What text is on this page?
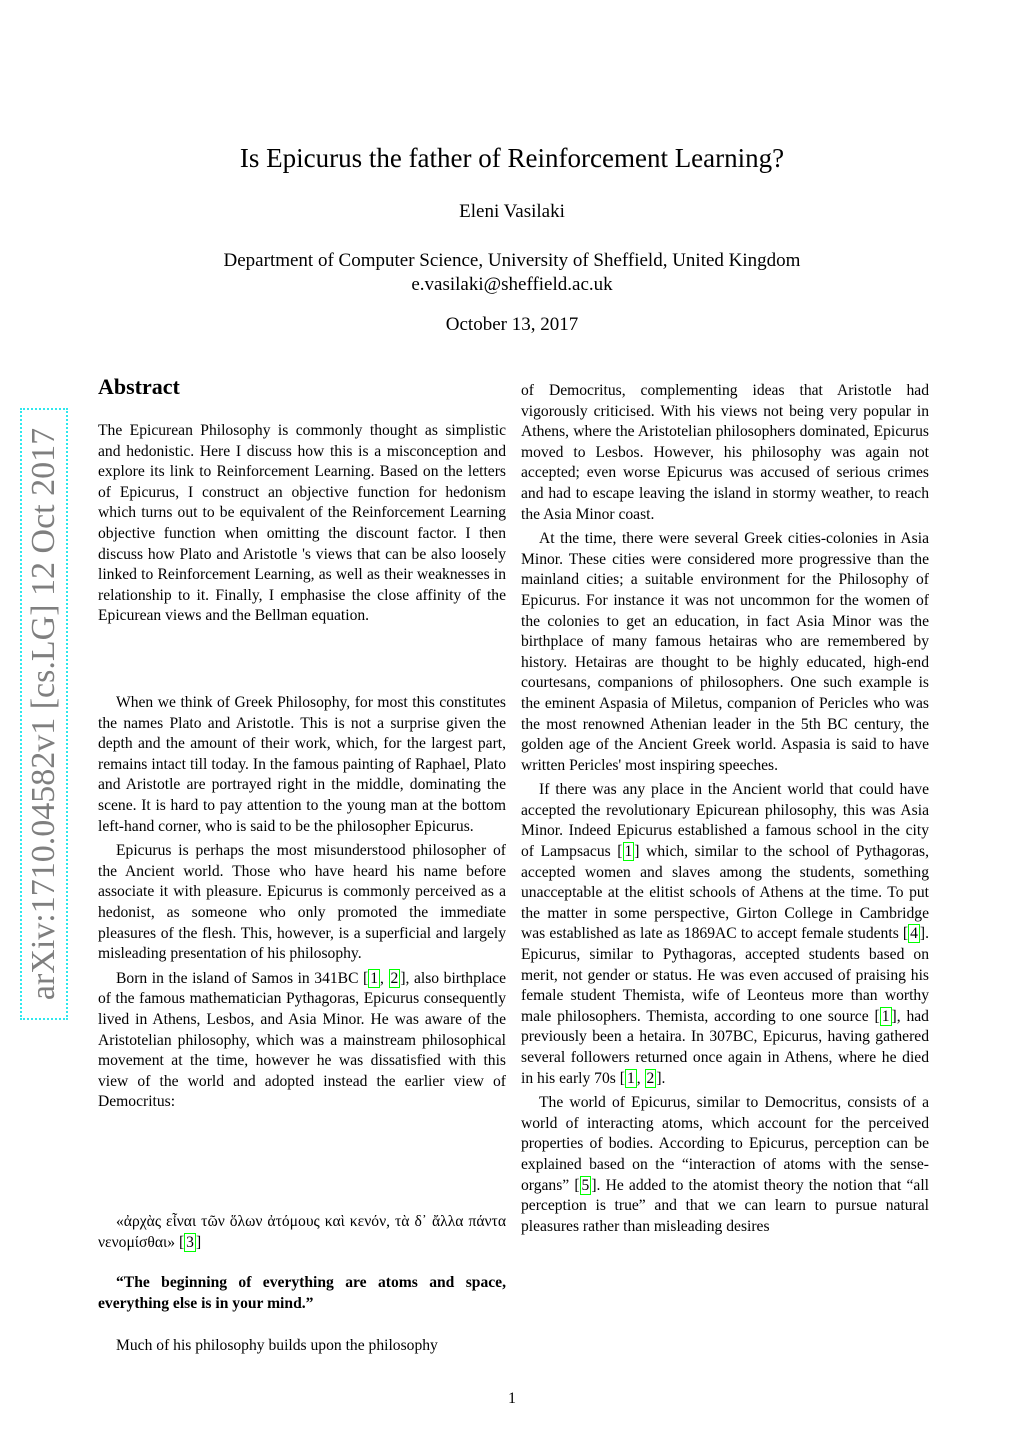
arXiv:1710.04582v1 [cs.LG] 12 Oct 2017
Is Epicurus the father of Reinforcement Learning?
Eleni Vasilaki
Department of Computer Science, University of Sheffield, United Kingdom
e.vasilaki@sheffield.ac.uk
October 13, 2017
Abstract

The Epicurean Philosophy is commonly thought as simplistic and hedonistic. Here I discuss how this is a misconception and explore its link to Reinforcement Learning. Based on the letters of Epicurus, I construct an objective function for hedonism which turns out to be equivalent of the Reinforcement Learning objective function when omitting the discount factor. I then discuss how Plato and Aristotle 's views that can be also loosely linked to Reinforcement Learning, as well as their weaknesses in relationship to it. Finally, I emphasise the close affinity of the Epicurean views and the Bellman equation.

When we think of Greek Philosophy, for most this constitutes the names Plato and Aristotle. This is not a surprise given the depth and the amount of their work, which, for the largest part, remains intact till today. In the famous painting of Raphael, Plato and Aristotle are portrayed right in the middle, dominating the scene. It is hard to pay attention to the young man at the bottom left-hand corner, who is said to be the philosopher Epicurus.

Epicurus is perhaps the most misunderstood philosopher of the Ancient world. Those who have heard his name before associate it with pleasure. Epicurus is commonly perceived as a hedonist, as someone who only promoted the immediate pleasures of the flesh. This, however, is a superficial and largely misleading presentation of his philosophy.

Born in the island of Samos in 341BC [ 1 , 2 ], also birthplace of the famous mathematician Pythagoras, Epicurus consequently lived in Athens, Lesbos, and Asia Minor. He was aware of the Aristotelian philosophy, which was a mainstream philosophical movement at the time, however he was dissatisfied with this view of the world and adopted instead the earlier view of Democritus:

«ἀρχὰς εἶναι τῶν ὅλων ἀτόμους καὶ κενόν, τὰ δ᾽ ἄλλα πάντα νενομίσθαι» [ 3 ]
“The beginning of everything are atoms and space, everything else is in your mind.”

Much of his philosophy builds upon the philosophy

of Democritus, complementing ideas that Aristotle had vigorously criticised. With his views not being very popular in Athens, where the Aristotelian philosophers dominated, Epicurus moved to Lesbos. However, his philosophy was again not accepted; even worse Epicurus was accused of serious crimes and had to escape leaving the island in stormy weather, to reach the Asia Minor coast.

At the time, there were several Greek cities-colonies in Asia Minor. These cities were considered more progressive than the mainland cities; a suitable environment for the Philosophy of Epicurus. For instance it was not uncommon for the women of the colonies to get an education, in fact Asia Minor was the birthplace of many famous hetairas who are remembered by history. Hetairas are thought to be highly educated, high-end courtesans, companions of philosophers. One such example is the eminent Aspasia of Miletus, companion of Pericles who was the most renowned Athenian leader in the 5th BC century, the golden age of the Ancient Greek world. Aspasia is said to have written Pericles' most inspiring speeches.

If there was any place in the Ancient world that could have accepted the revolutionary Epicurean philosophy, this was Asia Minor. Indeed Epicurus established a famous school in the city of Lampsacus [ 1 ] which, similar to the school of Pythagoras, accepted women and slaves among the students, something unacceptable at the elitist schools of Athens at the time. To put the matter in some perspective, Girton College in Cambridge was established as late as 1869AC to accept female students [ 4 ]. Epicurus, similar to Pythagoras, accepted students based on merit, not gender or status. He was even accused of praising his female student Themista, wife of Leonteus more than worthy male philosophers. Themista, according to one source [ 1 ], had previously been a hetaira. In 307BC, Epicurus, having gathered several followers returned once again in Athens, where he died in his early 70s [ 1 , 2 ].

The world of Epicurus, similar to Democritus, consists of a world of interacting atoms, which account for the perceived properties of bodies. According to Epicurus, perception can be explained based on the “interaction of atoms with the sense-organs” [ 5 ]. He added to the atomist theory the notion that “all perception is true” and that we can learn to pursue natural pleasures rather than misleading desires

1
